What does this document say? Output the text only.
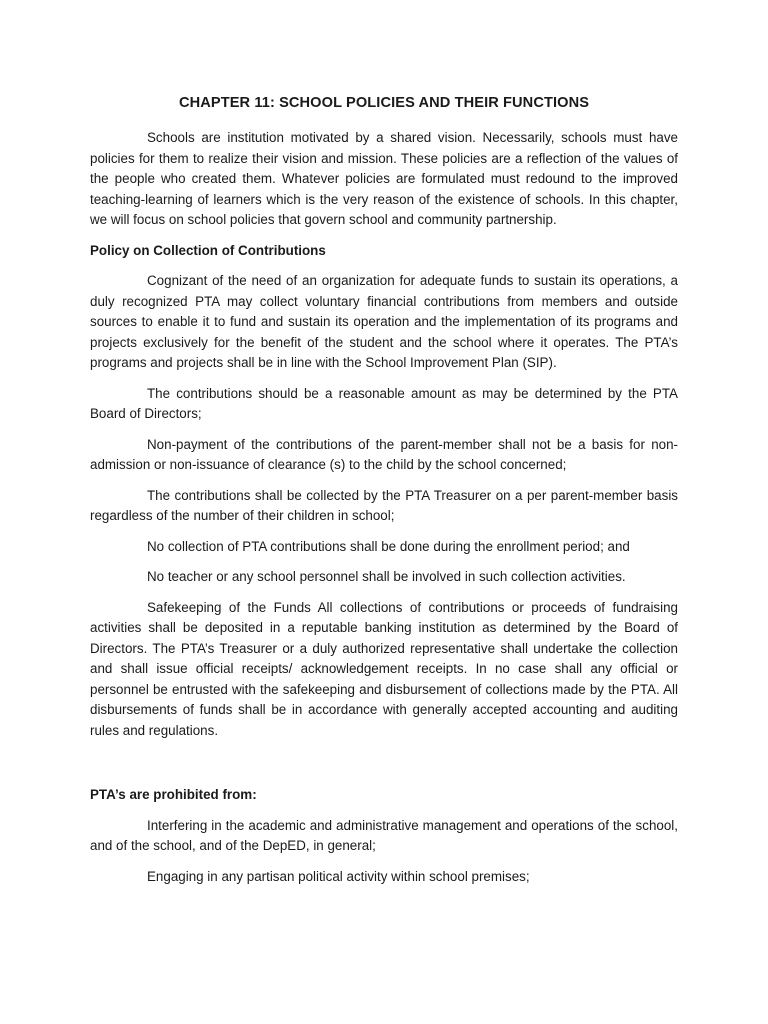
CHAPTER 11: SCHOOL POLICIES AND THEIR FUNCTIONS

Schools are institution motivated by a shared vision. Necessarily, schools must have policies for them to realize their vision and mission. These policies are a reflection of the values of the people who created them. Whatever policies are formulated must redound to the improved teaching-learning of learners which is the very reason of the existence of schools. In this chapter, we will focus on school policies that govern school and community partnership.

Policy on Collection of Contributions

Cognizant of the need of an organization for adequate funds to sustain its operations, a duly recognized PTA may collect voluntary financial contributions from members and outside sources to enable it to fund and sustain its operation and the implementation of its programs and projects exclusively for the benefit of the student and the school where it operates. The PTA’s programs and projects shall be in line with the School Improvement Plan (SIP).

The contributions should be a reasonable amount as may be determined by the PTA Board of Directors;

Non-payment of the contributions of the parent-member shall not be a basis for non-admission or non-issuance of clearance (s) to the child by the school concerned;

The contributions shall be collected by the PTA Treasurer on a per parent-member basis regardless of the number of their children in school;

No collection of PTA contributions shall be done during the enrollment period; and

No teacher or any school personnel shall be involved in such collection activities.

Safekeeping of the Funds All collections of contributions or proceeds of fundraising activities shall be deposited in a reputable banking institution as determined by the Board of Directors. The PTA’s Treasurer or a duly authorized representative shall undertake the collection and shall issue official receipts/ acknowledgement receipts. In no case shall any official or personnel be entrusted with the safekeeping and disbursement of collections made by the PTA. All disbursements of funds shall be in accordance with generally accepted accounting and auditing rules and regulations.

PTA’s are prohibited from:

Interfering in the academic and administrative management and operations of the school, and of the school, and of the DepED, in general;

Engaging in any partisan political activity within school premises;
